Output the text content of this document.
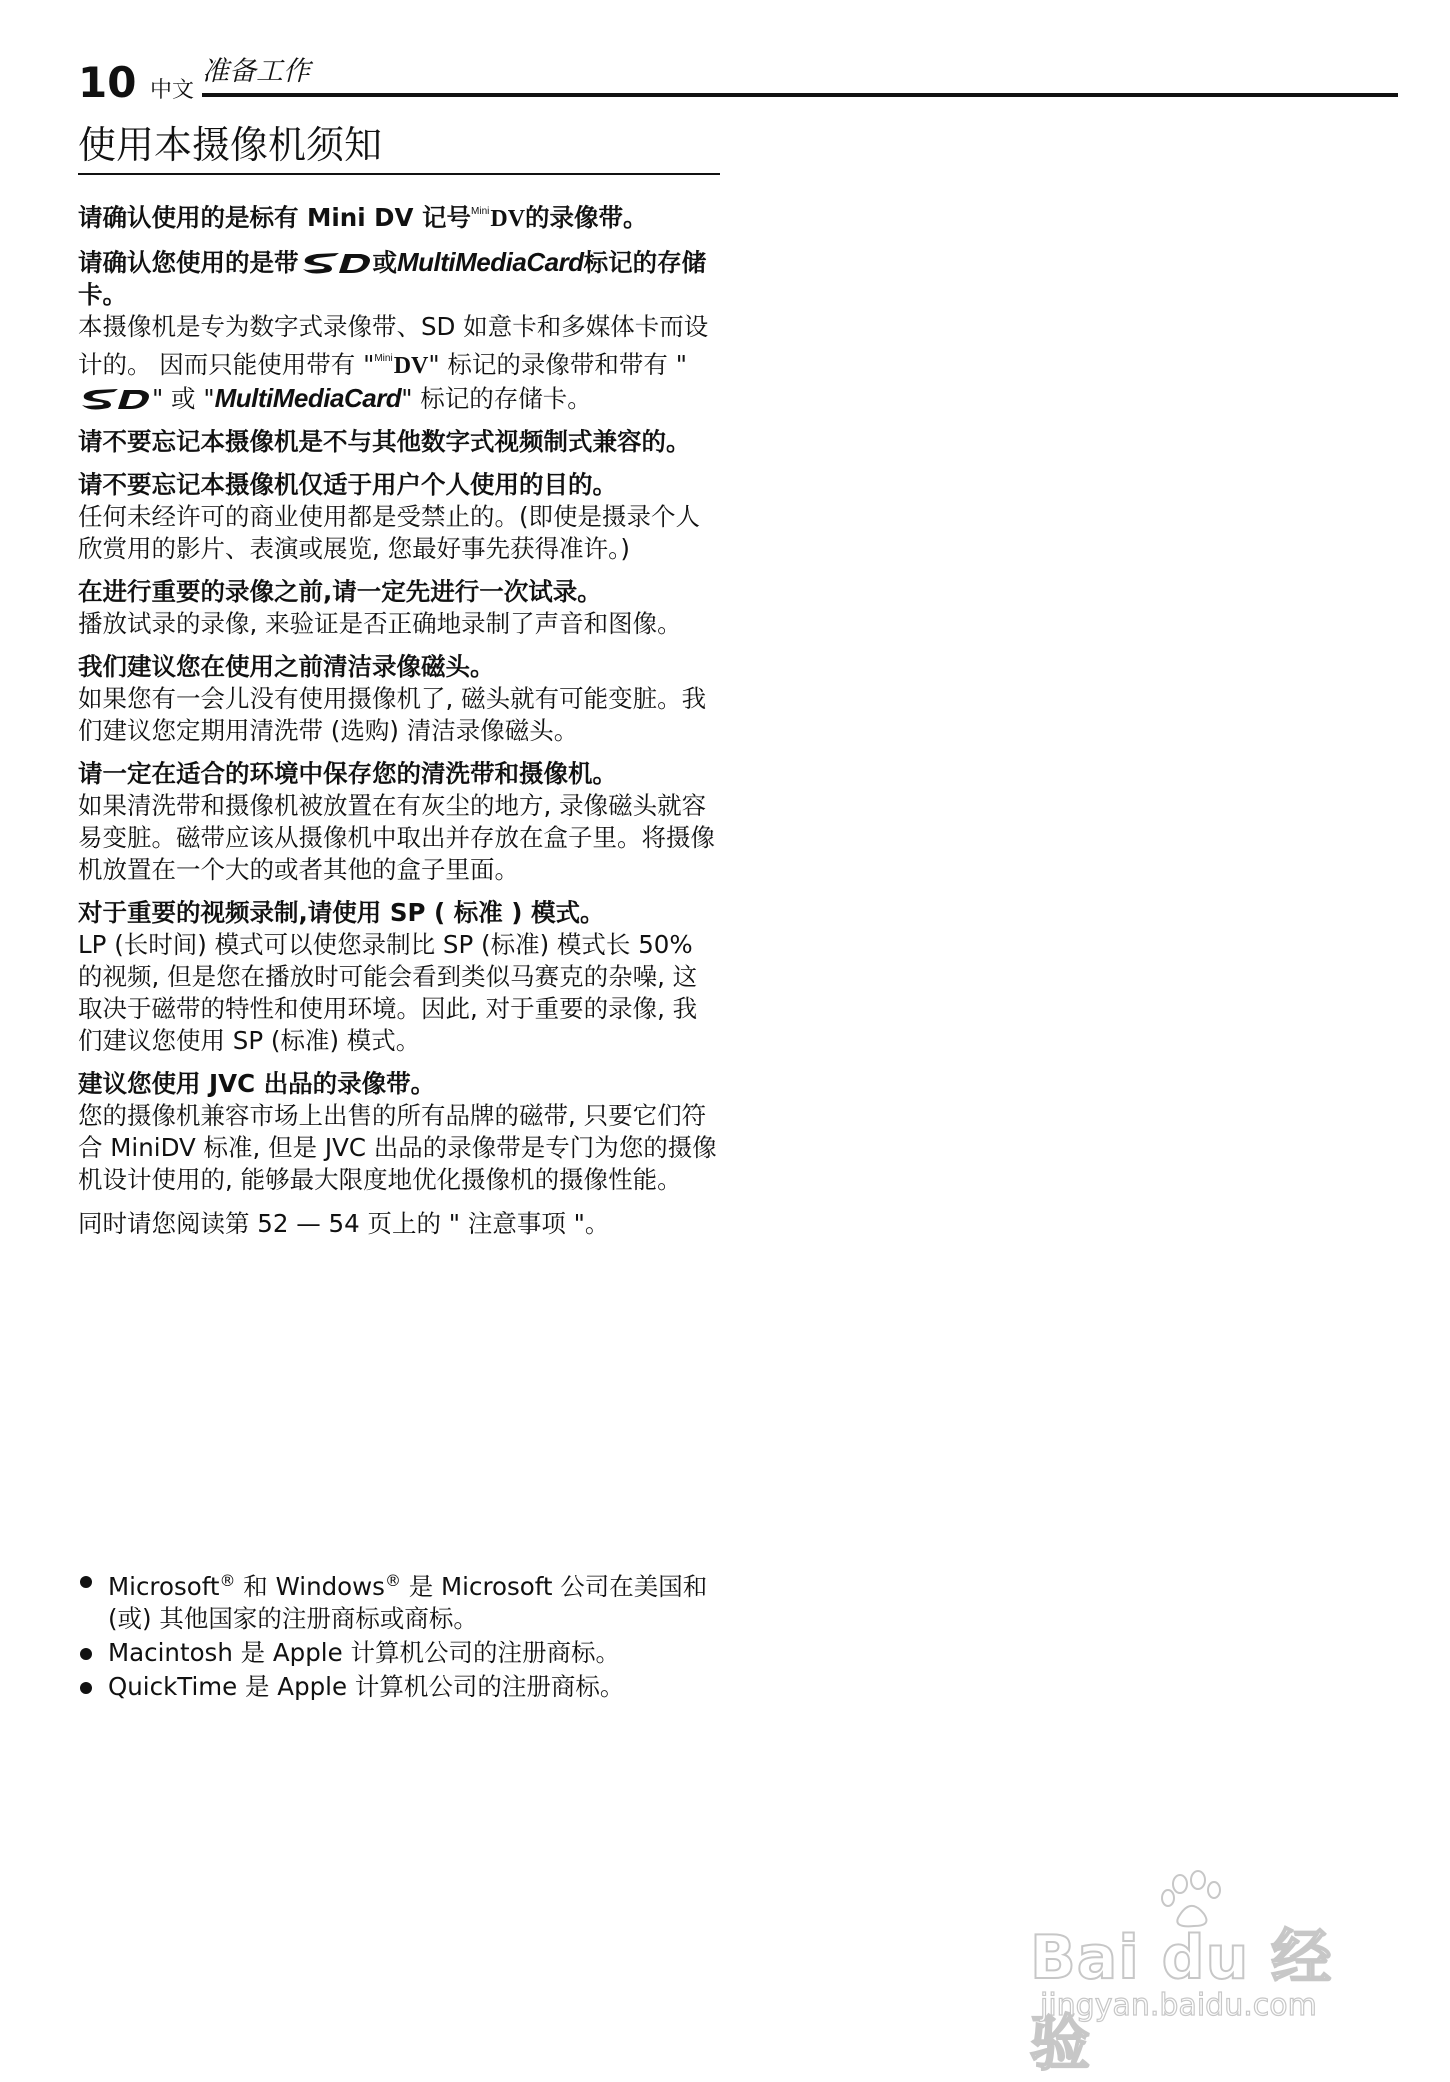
10 中文
准备工作
使用本摄像机须知

请确认使用的是标有 Mini DV 记号$^{Mini}$DV的录像带。

请确认您使用的是带	或MultiMediaCard标记的存储卡。

本摄像机是专为数字式录像带、SD 如意卡和多媒体卡而设计的。 因而只能使用带有 "$^{Mini}$DV" 标记的录像带和带有 "" 或 "MultiMediaCard" 标记的存储卡。

请不要忘记本摄像机是不与其他数字式视频制式兼容的。

请不要忘记本摄像机仅适于用户个人使用的目的。

任何未经许可的商业使用都是受禁止的。(即使是摄录个人欣赏用的影片、表演或展览, 您最好事先获得准许。)

在进行重要的录像之前,请一定先进行一次试录。

播放试录的录像, 来验证是否正确地录制了声音和图像。

我们建议您在使用之前清洁录像磁头。

如果您有一会儿没有使用摄像机了, 磁头就有可能变脏。我们建议您定期用清洗带 (选购) 清洁录像磁头。

请一定在适合的环境中保存您的清洗带和摄像机。

如果清洗带和摄像机被放置在有灰尘的地方, 录像磁头就容易变脏。磁带应该从摄像机中取出并存放在盒子里。将摄像机放置在一个大的或者其他的盒子里面。

对于重要的视频录制,请使用 SP ( 标准 ) 模式。

LP (长时间) 模式可以使您录制比 SP (标准) 模式长 50% 的视频, 但是您在播放时可能会看到类似马赛克的杂噪, 这取决于磁带的特性和使用环境。因此, 对于重要的录像, 我们建议您使用 SP (标准) 模式。

建议您使用 JVC 出品的录像带。

您的摄像机兼容市场上出售的所有品牌的磁带, 只要它们符合 MiniDV 标准, 但是 JVC 出品的录像带是专门为您的摄像机设计使用的, 能够最大限度地优化摄像机的摄像性能。

同时请您阅读第 52 — 54 页上的 " 注意事项 "。

Microsoft® 和 Windows® 是 Microsoft 公司在美国和 (或) 其他国家的注册商标或商标。
Macintosh 是 Apple 计算机公司的注册商标。
QuickTime 是 Apple 计算机公司的注册商标。
Bai du 经验
jingyan.baidu.com
